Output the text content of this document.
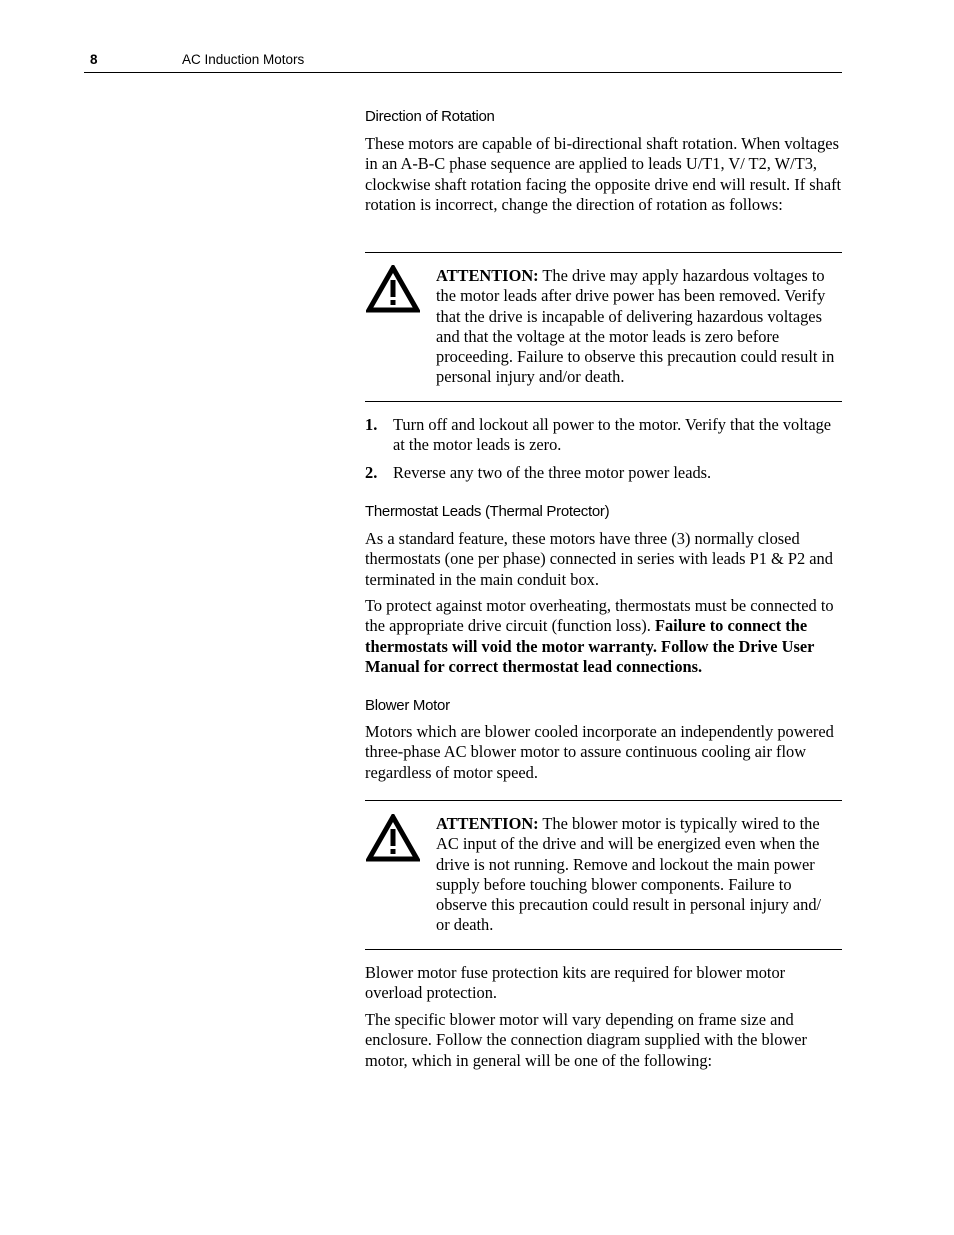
8	AC Induction Motors

Direction of Rotation

These motors are capable of bi-directional shaft rotation. When voltages in an A-B-C phase sequence are applied to leads U/T1, V/ T2, W/T3, clockwise shaft rotation facing the opposite drive end will result. If shaft rotation is incorrect, change the direction of rotation as follows:

ATTENTION: The drive may apply hazardous voltages to the motor leads after drive power has been removed. Verify that the drive is incapable of delivering hazardous voltages and that the voltage at the motor leads is zero before proceeding. Failure to observe this precaution could result in personal injury and/or death.
1. Turn off and lockout all power to the motor. Verify that the voltage at the motor leads is zero.
2. Reverse any two of the three motor power leads.

Thermostat Leads (Thermal Protector)

As a standard feature, these motors have three (3) normally closed thermostats (one per phase) connected in series with leads P1 & P2 and terminated in the main conduit box.

To protect against motor overheating, thermostats must be connected to the appropriate drive circuit (function loss). Failure to connect the thermostats will void the motor warranty. Follow the Drive User Manual for correct thermostat lead connections.

Blower Motor

Motors which are blower cooled incorporate an independently powered three-phase AC blower motor to assure continuous cooling air flow regardless of motor speed.

ATTENTION: The blower motor is typically wired to the AC input of the drive and will be energized even when the drive is not running. Remove and lockout the main power supply before touching blower components. Failure to observe this precaution could result in personal injury and/ or death.

Blower motor fuse protection kits are required for blower motor overload protection.

The specific blower motor will vary depending on frame size and enclosure. Follow the connection diagram supplied with the blower motor, which in general will be one of the following:
